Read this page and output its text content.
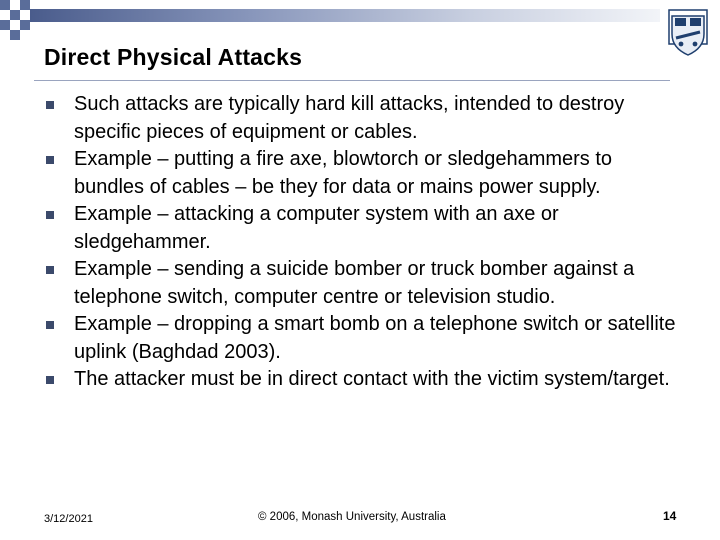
Direct Physical Attacks
Such attacks are typically hard kill attacks, intended to destroy specific pieces of equipment or cables.
Example – putting a fire axe, blowtorch or sledgehammers to bundles of cables – be they for data or mains power supply.
Example – attacking a computer system with an axe or sledgehammer.
Example – sending a suicide bomber or truck bomber against a telephone switch, computer centre or television studio.
Example – dropping a smart bomb on a telephone switch or satellite uplink (Baghdad 2003).
The attacker must be in direct contact with the victim system/target.
3/12/2021	© 2006, Monash University, Australia	14
